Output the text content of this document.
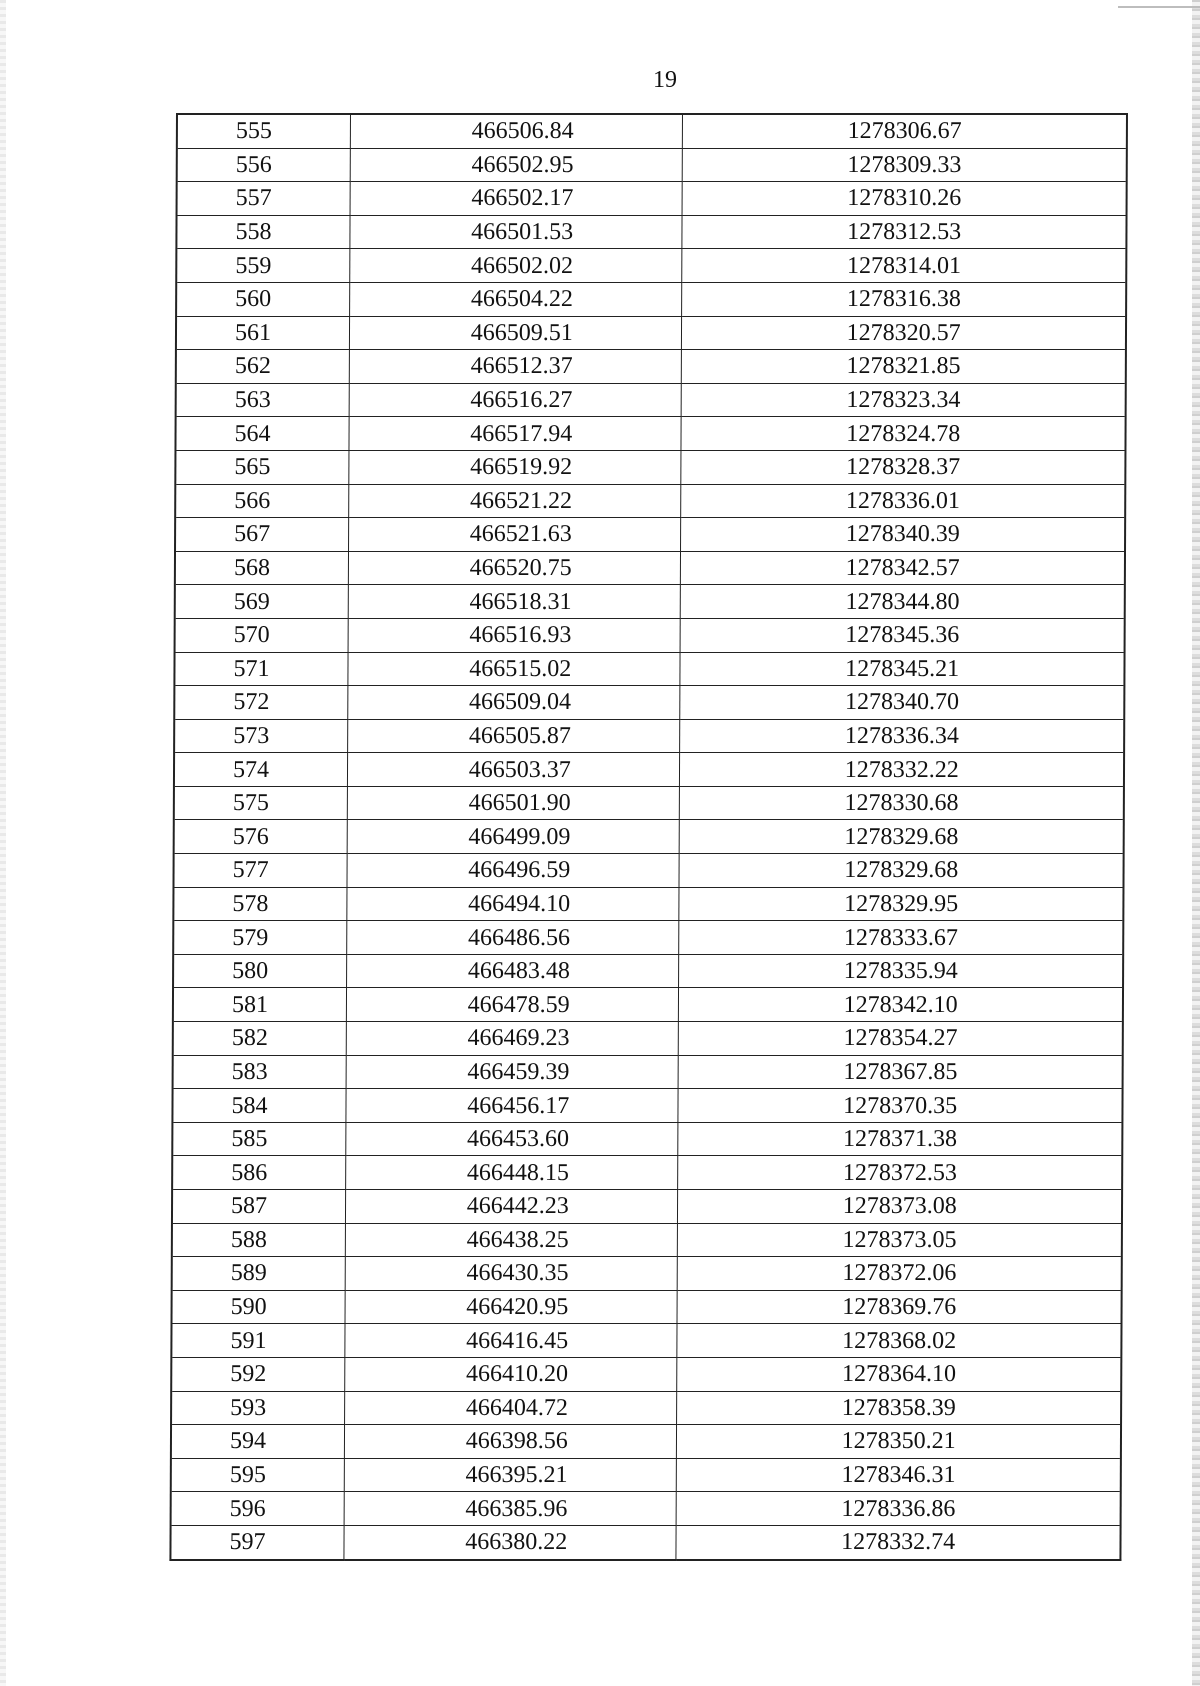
19
555	466506.84	1278306.67
556	466502.95	1278309.33
557	466502.17	1278310.26
558	466501.53	1278312.53
559	466502.02	1278314.01
560	466504.22	1278316.38
561	466509.51	1278320.57
562	466512.37	1278321.85
563	466516.27	1278323.34
564	466517.94	1278324.78
565	466519.92	1278328.37
566	466521.22	1278336.01
567	466521.63	1278340.39
568	466520.75	1278342.57
569	466518.31	1278344.80
570	466516.93	1278345.36
571	466515.02	1278345.21
572	466509.04	1278340.70
573	466505.87	1278336.34
574	466503.37	1278332.22
575	466501.90	1278330.68
576	466499.09	1278329.68
577	466496.59	1278329.68
578	466494.10	1278329.95
579	466486.56	1278333.67
580	466483.48	1278335.94
581	466478.59	1278342.10
582	466469.23	1278354.27
583	466459.39	1278367.85
584	466456.17	1278370.35
585	466453.60	1278371.38
586	466448.15	1278372.53
587	466442.23	1278373.08
588	466438.25	1278373.05
589	466430.35	1278372.06
590	466420.95	1278369.76
591	466416.45	1278368.02
592	466410.20	1278364.10
593	466404.72	1278358.39
594	466398.56	1278350.21
595	466395.21	1278346.31
596	466385.96	1278336.86
597	466380.22	1278332.74
